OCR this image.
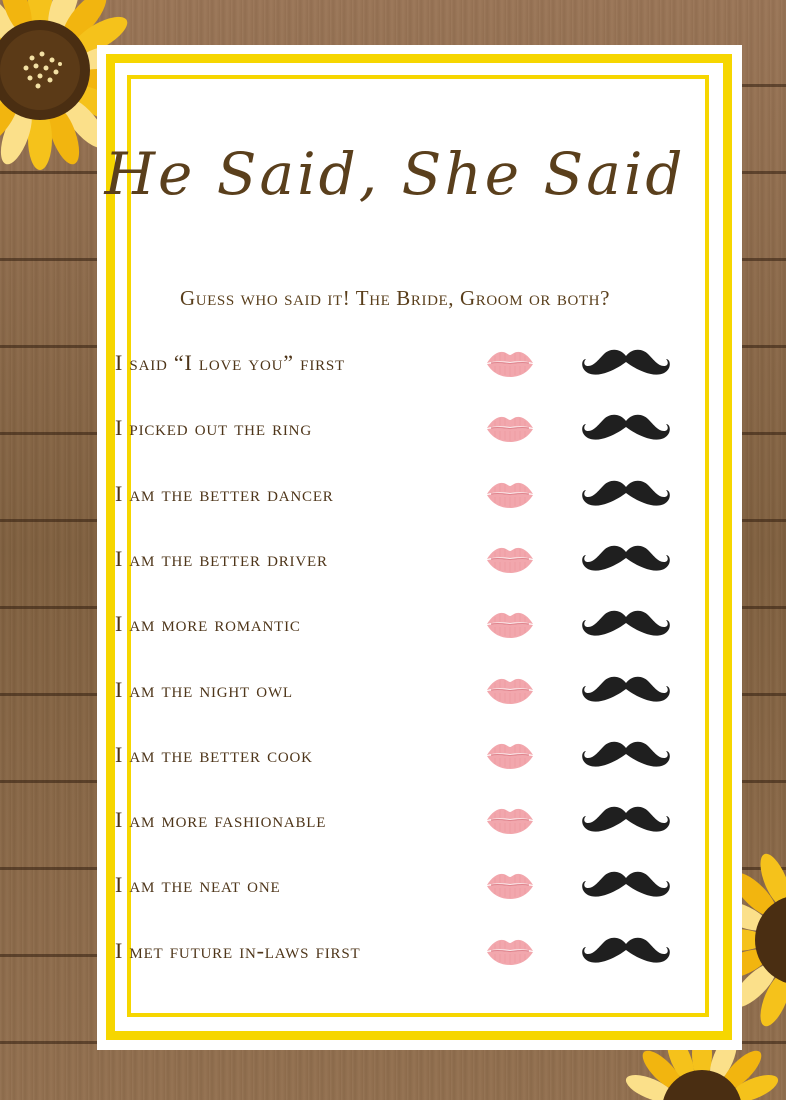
He Said, She Said

Guess who said it! The Bride, Groom or both?

I said “I love you” first
I picked out the ring
I am the better dancer
I am the better driver
I am more romantic
I am the night owl
I am the better cook
I am more fashionable
I am the neat one
I met future in-laws first
